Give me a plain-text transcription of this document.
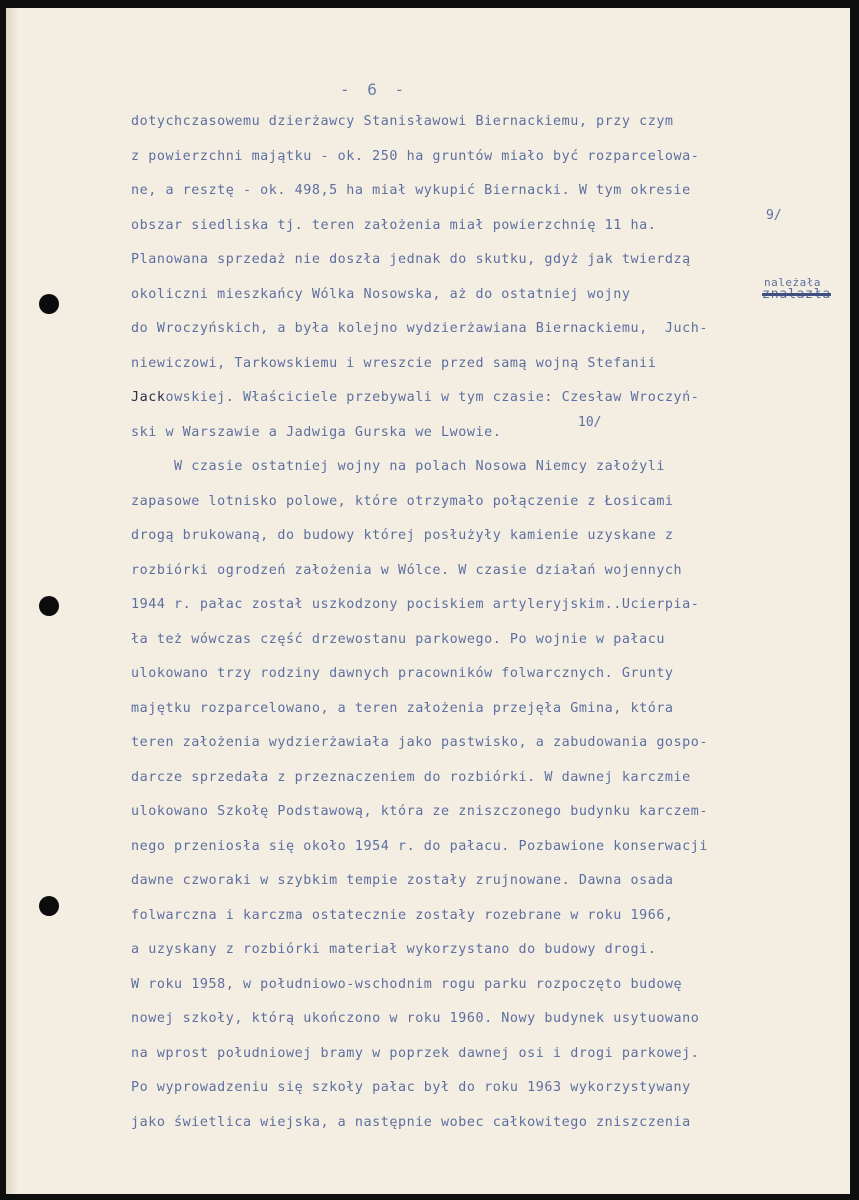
- 6 -
dotychczasowemu dzierżawcy Stanisławowi Biernackiemu, przy czym
z powierzchni majątku - ok. 250 ha gruntów miało być rozparcelowa-
ne, a resztę - ok. 498,5 ha miał wykupić Biernacki. W tym okresie
obszar siedliska tj. teren założenia miał powierzchnię 11 ha.
9/
Planowana sprzedaż nie doszła jednak do skutku, gdyż jak twierdzą
okoliczni mieszkańcy Wólka Nosowska, aż do ostatniej wojny
należała
znalazła
do Wroczyńskich, a była kolejno wydzierżawiana Biernackiemu,  Juch-
niewiczowi, Tarkowskiemu i wreszcie przed samą wojną Stefanii
Jackowskiej. Właściciele przebywali w tym czasie: Czesław Wroczyń-
ski w Warszawie a Jadwiga Gurska we Lwowie.
10/
W czasie ostatniej wojny na polach Nosowa Niemcy założyli
zapasowe lotnisko polowe, które otrzymało połączenie z Łosicami
drogą brukowaną, do budowy której posłużyły kamienie uzyskane z
rozbiórki ogrodzeń założenia w Wólce. W czasie działań wojennych
1944 r. pałac został uszkodzony pociskiem artyleryjskim..Ucierpia-
ła też wówczas część drzewostanu parkowego. Po wojnie w pałacu
ulokowano trzy rodziny dawnych pracowników folwarcznych. Grunty
majętku rozparcelowano, a teren założenia przejęła Gmina, która
teren założenia wydzierżawiała jako pastwisko, a zabudowania gospo-
darcze sprzedała z przeznaczeniem do rozbiórki. W dawnej karczmie
ulokowano Szkołę Podstawową, która ze zniszczonego budynku karczem-
nego przeniosła się około 1954 r. do pałacu. Pozbawione konserwacji
dawne czworaki w szybkim tempie zostały zrujnowane. Dawna osada
folwarczna i karczma ostatecznie zostały rozebrane w roku 1966,
a uzyskany z rozbiórki materiał wykorzystano do budowy drogi.
W roku 1958, w południowo-wschodnim rogu parku rozpoczęto budowę
nowej szkoły, którą ukończono w roku 1960. Nowy budynek usytuowano
na wprost południowej bramy w poprzek dawnej osi i drogi parkowej.
Po wyprowadzeniu się szkoły pałac był do roku 1963 wykorzystywany
jako świetlica wiejska, a następnie wobec całkowitego zniszczenia
